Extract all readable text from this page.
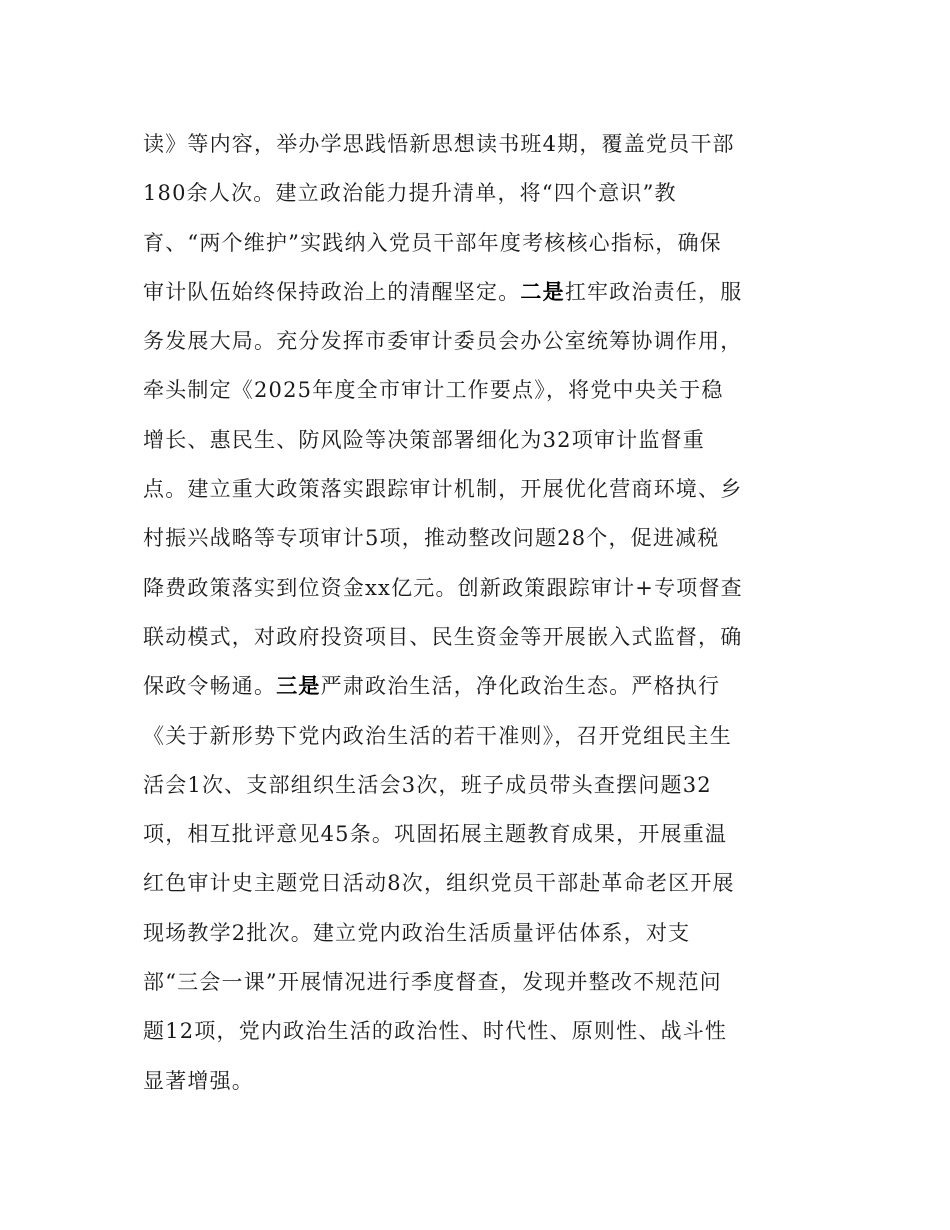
读》等内容，举办学思践悟新思想读书班4期，覆盖党员干部
180余人次。建立政治能力提升清单，将“四个意识”教
育、“两个维护”实践纳入党员干部年度考核核心指标，确保
审计队伍始终保持政治上的清醒坚定。二是扛牢政治责任，服
务发展大局。充分发挥市委审计委员会办公室统筹协调作用，
牵头制定《2025年度全市审计工作要点》，将党中央关于稳
增长、惠民生、防风险等决策部署细化为32项审计监督重
点。建立重大政策落实跟踪审计机制，开展优化营商环境、乡
村振兴战略等专项审计5项，推动整改问题28个，促进减税
降费政策落实到位资金xx亿元。创新政策跟踪审计+专项督查
联动模式，对政府投资项目、民生资金等开展嵌入式监督，确
保政令畅通。三是严肃政治生活，净化政治生态。严格执行
《关于新形势下党内政治生活的若干准则》，召开党组民主生
活会1次、支部组织生活会3次，班子成员带头查摆问题32
项，相互批评意见45条。巩固拓展主题教育成果，开展重温
红色审计史主题党日活动8次，组织党员干部赴革命老区开展
现场教学2批次。建立党内政治生活质量评估体系，对支
部“三会一课”开展情况进行季度督查，发现并整改不规范问
题12项，党内政治生活的政治性、时代性、原则性、战斗性
显著增强。
